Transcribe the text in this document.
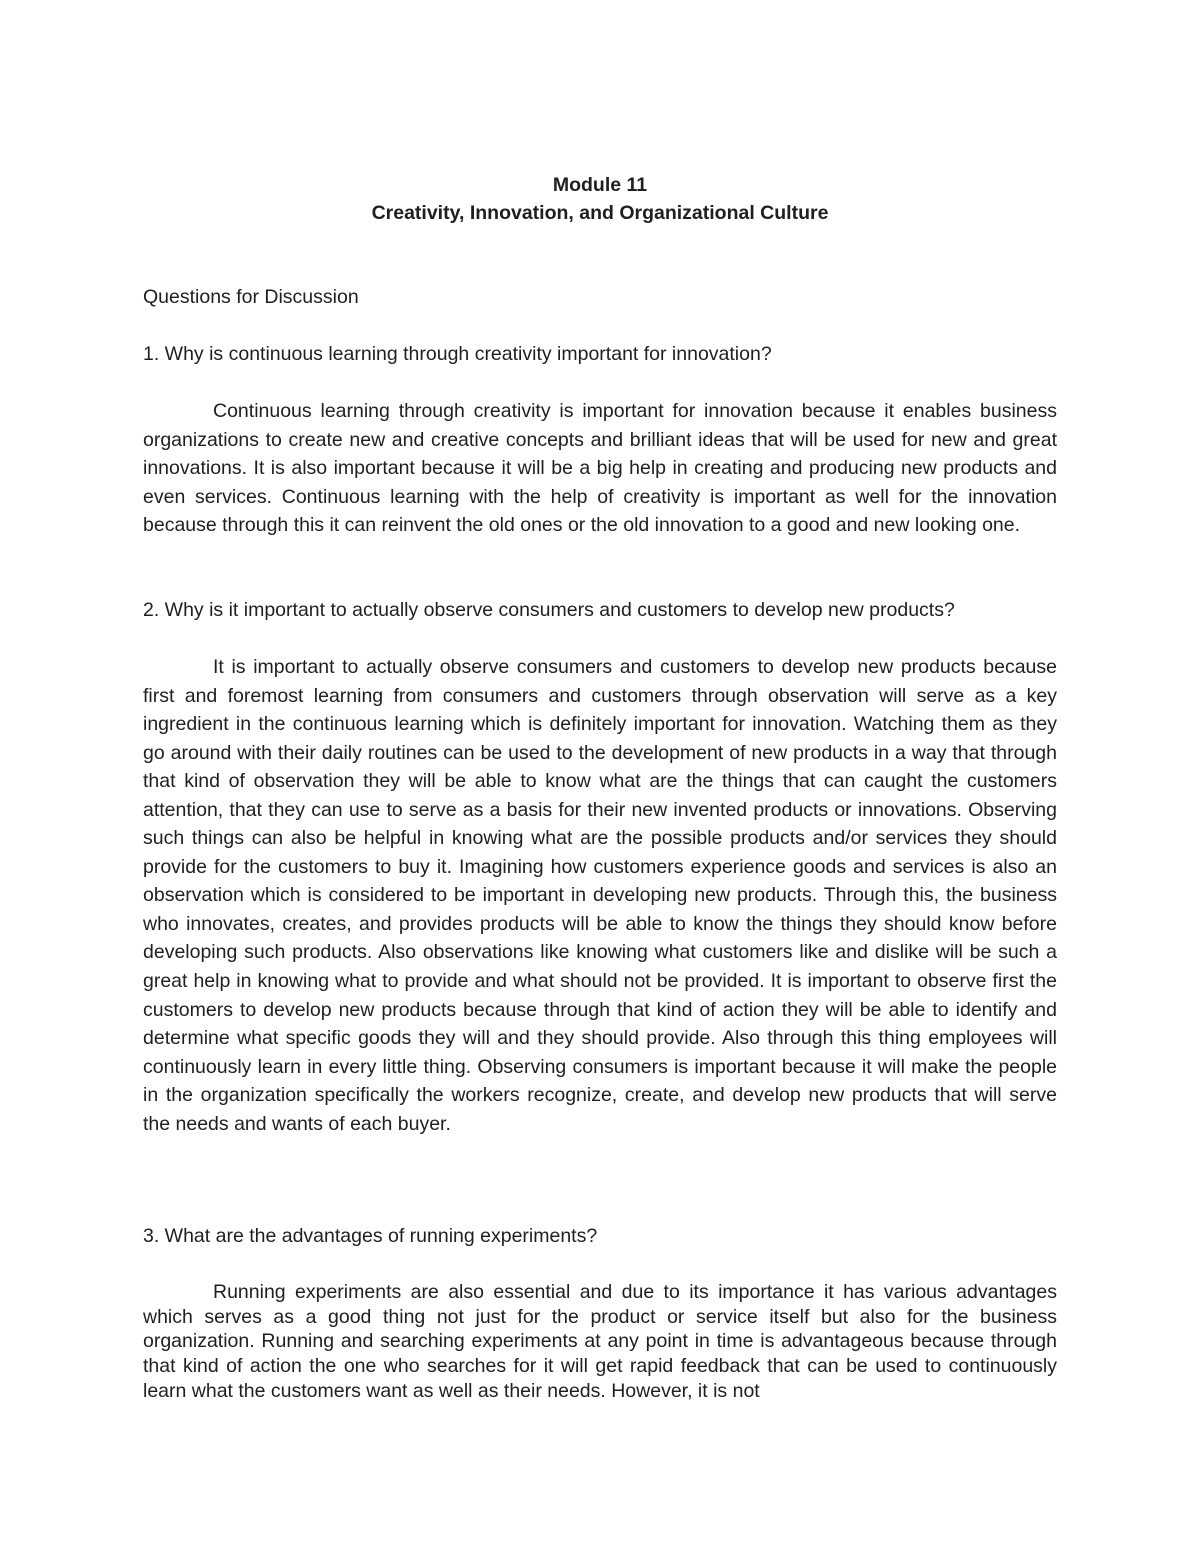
Module 11
Creativity, Innovation, and Organizational Culture
Questions for Discussion
1. Why is continuous learning through creativity important for innovation?

Continuous learning through creativity is important for innovation because it enables business organizations to create new and creative concepts and brilliant ideas that will be used for new and great innovations. It is also important because it will be a big help in creating and producing new products and even services. Continuous learning with the help of creativity is important as well for the innovation because through this it can reinvent the old ones or the old innovation to a good and new looking one.

2. Why is it important to actually observe consumers and customers to develop new products?

It is important to actually observe consumers and customers to develop new products because first and foremost learning from consumers and customers through observation will serve as a key ingredient in the continuous learning which is definitely important for innovation. Watching them as they go around with their daily routines can be used to the development of new products in a way that through that kind of observation they will be able to know what are the things that can caught the customers attention, that they can use to serve as a basis for their new invented products or innovations. Observing such things can also be helpful in knowing what are the possible products and/or services they should provide for the customers to buy it. Imagining how customers experience goods and services is also an observation which is considered to be important in developing new products. Through this, the business who innovates, creates, and provides products will be able to know the things they should know before developing such products. Also observations like knowing what customers like and dislike will be such a great help in knowing what to provide and what should not be provided. It is important to observe first the customers to develop new products because through that kind of action they will be able to identify and determine what specific goods they will and they should provide. Also through this thing employees will continuously learn in every little thing. Observing consumers is important because it will make the people in the organization specifically the workers recognize, create, and develop new products that will serve the needs and wants of each buyer.

3. What are the advantages of running experiments?

Running experiments are also essential and due to its importance it has various advantages which serves as a good thing not just for the product or service itself but also for the business organization. Running and searching experiments at any point in time is advantageous because through that kind of action the one who searches for it will get rapid feedback that can be used to continuously learn what the customers want as well as their needs. However, it is not
